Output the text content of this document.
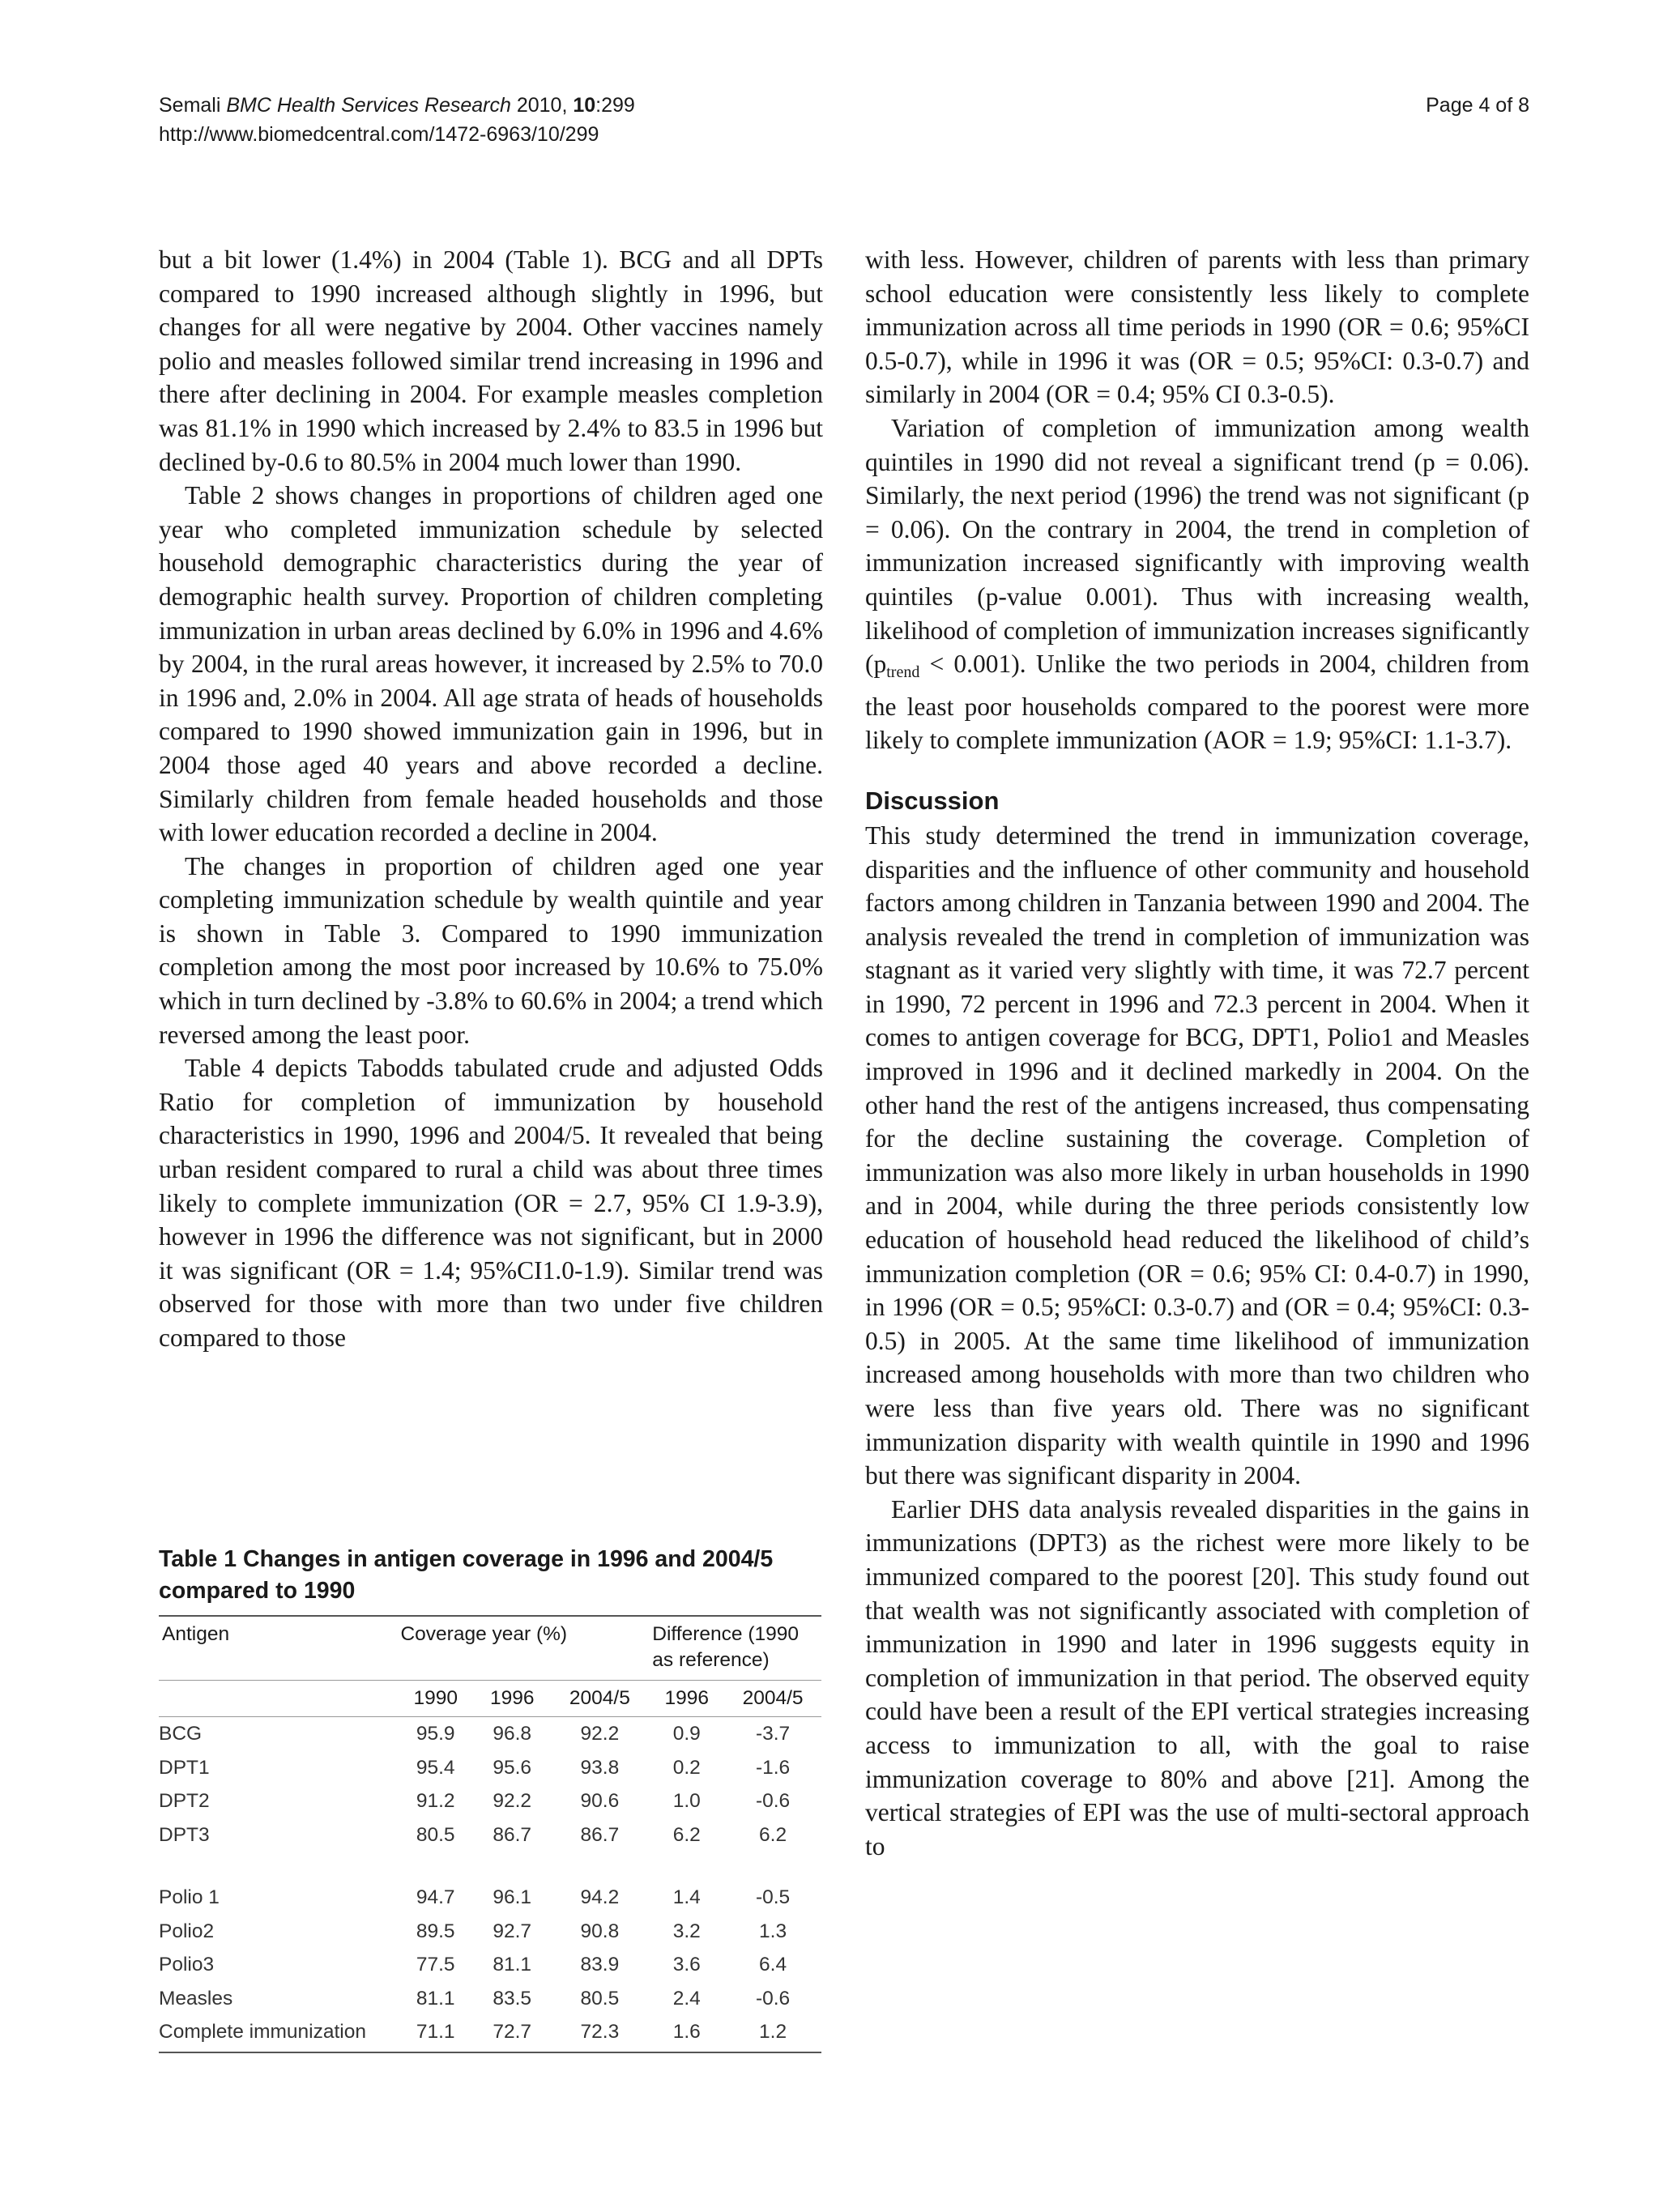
Semali BMC Health Services Research 2010, 10:299
http://www.biomedcentral.com/1472-6963/10/299
Page 4 of 8

but a bit lower (1.4%) in 2004 (Table 1). BCG and all DPTs compared to 1990 increased although slightly in 1996, but changes for all were negative by 2004. Other vaccines namely polio and measles followed similar trend increasing in 1996 and there after declining in 2004. For example measles completion was 81.1% in 1990 which increased by 2.4% to 83.5 in 1996 but declined by-0.6 to 80.5% in 2004 much lower than 1990.

Table 2 shows changes in proportions of children aged one year who completed immunization schedule by selected household demographic characteristics during the year of demographic health survey. Proportion of children completing immunization in urban areas declined by 6.0% in 1996 and 4.6% by 2004, in the rural areas however, it increased by 2.5% to 70.0 in 1996 and, 2.0% in 2004. All age strata of heads of households compared to 1990 showed immunization gain in 1996, but in 2004 those aged 40 years and above recorded a decline. Similarly children from female headed households and those with lower education recorded a decline in 2004.

The changes in proportion of children aged one year completing immunization schedule by wealth quintile and year is shown in Table 3. Compared to 1990 immunization completion among the most poor increased by 10.6% to 75.0% which in turn declined by -3.8% to 60.6% in 2004; a trend which reversed among the least poor.

Table 4 depicts Tabodds tabulated crude and adjusted Odds Ratio for completion of immunization by household characteristics in 1990, 1996 and 2004/5. It revealed that being urban resident compared to rural a child was about three times likely to complete immunization (OR = 2.7, 95% CI 1.9-3.9), however in 1996 the difference was not significant, but in 2000 it was significant (OR = 1.4; 95%CI1.0-1.9). Similar trend was observed for those with more than two under five children compared to those

Table 1 Changes in antigen coverage in 1996 and 2004/5 compared to 1990
Antigen	Coverage year (%)			Difference (1990 as reference)	
	1990	1996	2004/5	1996	2004/5
BCG	95.9	96.8	92.2	0.9	-3.7
DPT1	95.4	95.6	93.8	0.2	-1.6
DPT2	91.2	92.2	90.6	1.0	-0.6
DPT3	80.5	86.7	86.7	6.2	6.2

Polio 1	94.7	96.1	94.2	1.4	-0.5
Polio2	89.5	92.7	90.8	3.2	1.3
Polio3	77.5	81.1	83.9	3.6	6.4
Measles	81.1	83.5	80.5	2.4	-0.6
Complete immunization	71.1	72.7	72.3	1.6	1.2

with less. However, children of parents with less than primary school education were consistently less likely to complete immunization across all time periods in 1990 (OR = 0.6; 95%CI 0.5-0.7), while in 1996 it was (OR = 0.5; 95%CI: 0.3-0.7) and similarly in 2004 (OR = 0.4; 95% CI 0.3-0.5).

Variation of completion of immunization among wealth quintiles in 1990 did not reveal a significant trend (p = 0.06). Similarly, the next period (1996) the trend was not significant (p = 0.06). On the contrary in 2004, the trend in completion of immunization increased significantly with improving wealth quintiles (p-value 0.001). Thus with increasing wealth, likelihood of completion of immunization increases significantly $(p_{trend} < 0.001)$. Unlike the two periods in 2004, children from the least poor households compared to the poorest were more likely to complete immunization (AOR = 1.9; 95%CI: 1.1-3.7).

Discussion

This study determined the trend in immunization coverage, disparities and the influence of other community and household factors among children in Tanzania between 1990 and 2004. The analysis revealed the trend in completion of immunization was stagnant as it varied very slightly with time, it was 72.7 percent in 1990, 72 percent in 1996 and 72.3 percent in 2004. When it comes to antigen coverage for BCG, DPT1, Polio1 and Measles improved in 1996 and it declined markedly in 2004. On the other hand the rest of the antigens increased, thus compensating for the decline sustaining the coverage. Completion of immunization was also more likely in urban households in 1990 and in 2004, while during the three periods consistently low education of household head reduced the likelihood of child’s immunization completion (OR = 0.6; 95% CI: 0.4-0.7) in 1990, in 1996 (OR = 0.5; 95%CI: 0.3-0.7) and (OR = 0.4; 95%CI: 0.3-0.5) in 2005. At the same time likelihood of immunization increased among households with more than two children who were less than five years old. There was no significant immunization disparity with wealth quintile in 1990 and 1996 but there was significant disparity in 2004.

Earlier DHS data analysis revealed disparities in the gains in immunizations (DPT3) as the richest were more likely to be immunized compared to the poorest [20]. This study found out that wealth was not significantly associated with completion of immunization in 1990 and later in 1996 suggests equity in completion of immunization in that period. The observed equity could have been a result of the EPI vertical strategies increasing access to immunization to all, with the goal to raise immunization coverage to 80% and above [21]. Among the vertical strategies of EPI was the use of multi-sectoral approach to
